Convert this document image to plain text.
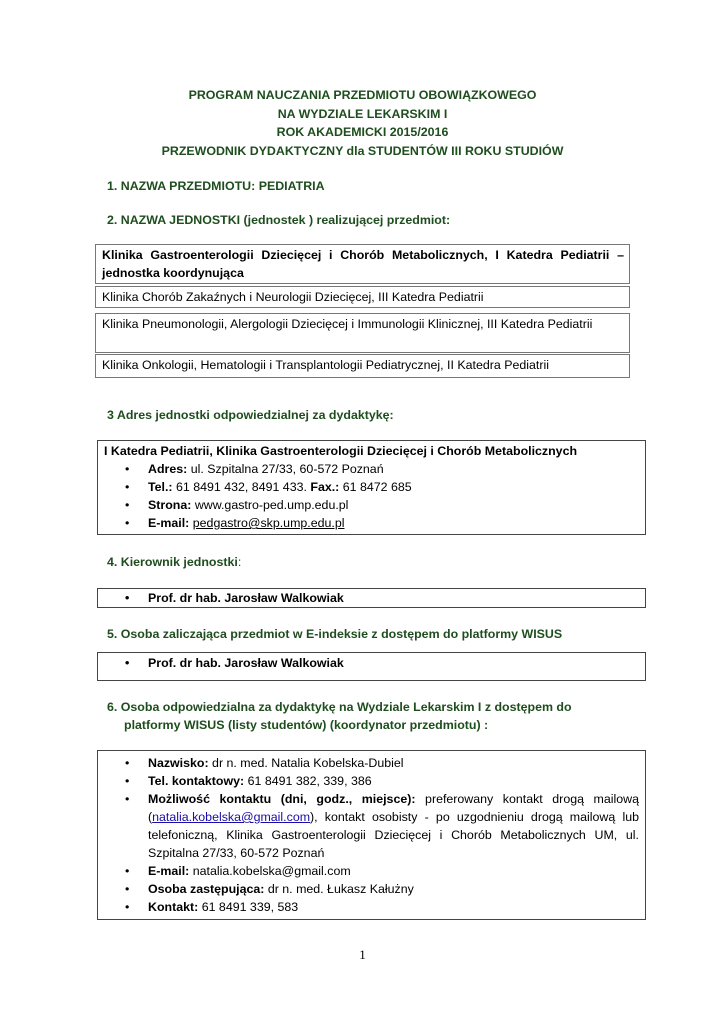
PROGRAM NAUCZANIA PRZEDMIOTU OBOWIĄZKOWEGO
NA WYDZIALE LEKARSKIM I
ROK AKADEMICKI 2015/2016
PRZEWODNIK DYDAKTYCZNY dla STUDENTÓW III ROKU STUDIÓW
1. NAZWA PRZEDMIOTU: PEDIATRIA
2. NAZWA JEDNOSTKI (jednostek ) realizującej przedmiot:
Klinika Gastroenterologii Dziecięcej i Chorób Metabolicznych, I Katedra Pediatrii – jednostka koordynująca
Klinika Chorób Zakaźnych i Neurologii Dziecięcej, III Katedra Pediatrii
Klinika Pneumonologii, Alergologii Dziecięcej i Immunologii Klinicznej, III Katedra Pediatrii
Klinika Onkologii, Hematologii i Transplantologii Pediatrycznej, II Katedra Pediatrii
3 Adres jednostki odpowiedzialnej za dydaktykę:
I Katedra Pediatrii, Klinika Gastroenterologii Dziecięcej i Chorób Metabolicznych
• Adres: ul. Szpitalna 27/33, 60-572 Poznań
• Tel.: 61 8491 432, 8491 433. Fax.: 61 8472 685
• Strona: www.gastro-ped.ump.edu.pl
• E-mail: pedgastro@skp.ump.edu.pl
4. Kierownik jednostki:
• Prof. dr hab. Jarosław Walkowiak
5. Osoba zaliczająca przedmiot w E-indeksie z dostępem do platformy WISUS
• Prof. dr hab. Jarosław Walkowiak
6. Osoba odpowiedzialna za dydaktykę na Wydziale Lekarskim I z dostępem do
platformy WISUS (listy studentów) (koordynator przedmiotu) :
• Nazwisko: dr n. med. Natalia Kobelska-Dubiel
• Tel. kontaktowy: 61 8491 382, 339, 386
• Możliwość kontaktu (dni, godz., miejsce): preferowany kontakt drogą mailową (natalia.kobelska@gmail.com), kontakt osobisty - po uzgodnieniu drogą mailową lub telefoniczną, Klinika Gastroenterologii Dziecięcej i Chorób Metabolicznych UM, ul. Szpitalna 27/33, 60-572 Poznań
• E-mail: natalia.kobelska@gmail.com
• Osoba zastępująca: dr n. med. Łukasz Kałużny
• Kontakt: 61 8491 339, 583
1
